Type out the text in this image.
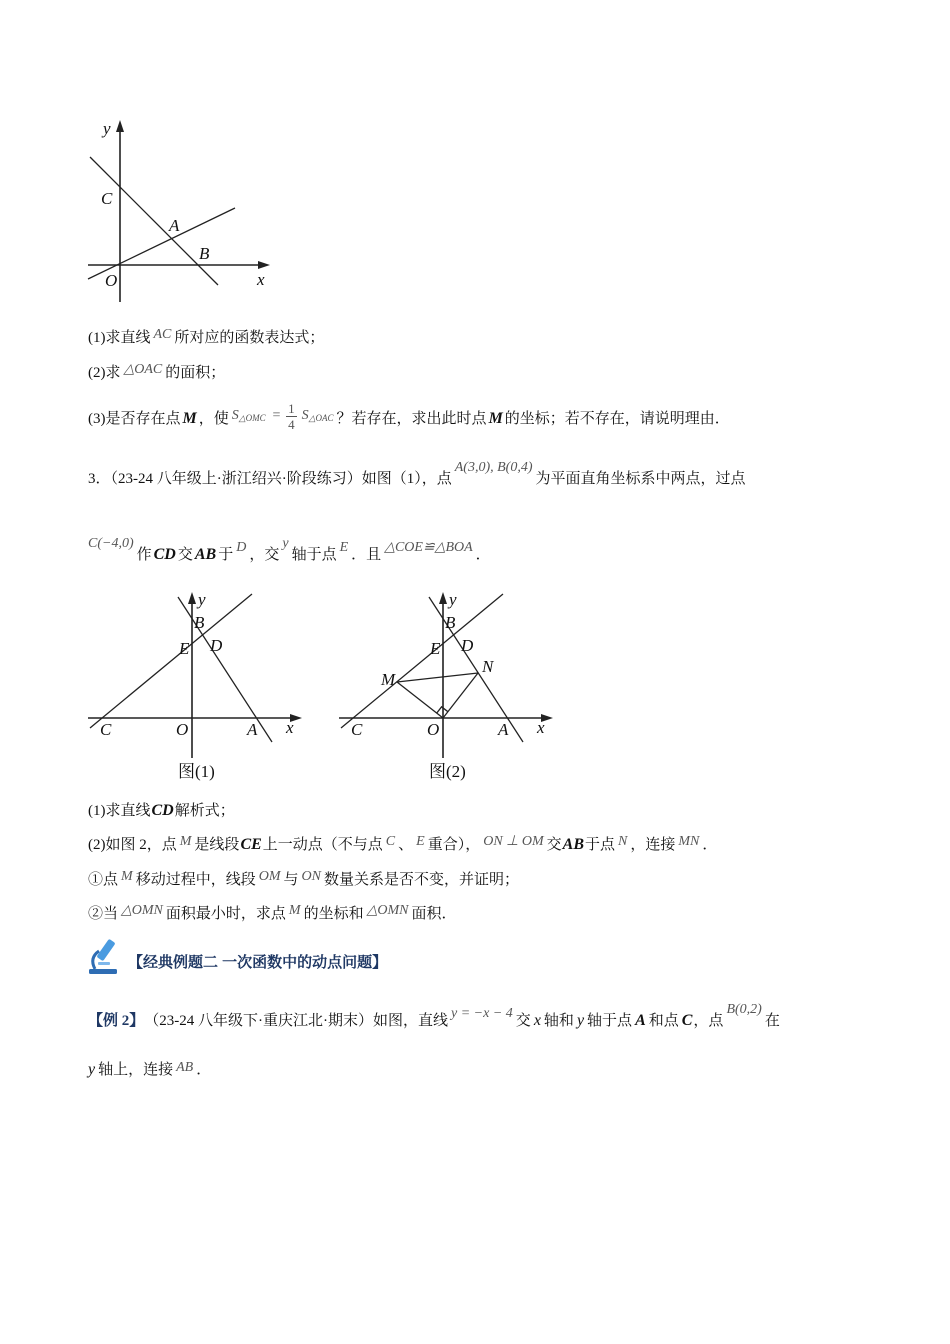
y
C
A
B
O	x
(1)求直线 AC 所对应的函数表达式；
(2)求 △OAC 的面积；
(3)是否存在点 M ，使 $S_{\triangle OMC} = \frac{1}{4} S_{\triangle OAC}$ ？若存在，求出此时点 M 的坐标；若不存在，请说明理由．
3．（23-24 八年级上·浙江绍兴·阶段练习）如图（1），点
A(3,0), B(0,4)
为平面直角坐标系中两点，过点
C(−4,0)
作 CD 交 AB 于 D ，交
y
轴于点 E ．且 △COE≌△BOA ．
y
B
E D
C	O	A x
图(1)
y
B
E D
N
M
C	O	A x
图(2)
(1)求直线 CD 解析式；
(2)如图 2，点 M 是线段 CE 上一动点（不与点 C 、 E 重合）， ON ⊥ OM 交 AB 于点 N ，连接 MN ．
①点 M 移动过程中，线段 OM 与 ON 数量关系是否不变，并证明；
②当 △OMN 面积最小时，求点 M 的坐标和 △OMN 面积．
【经典例题二 一次函数中的动点问题】
【例 2】 （23-24 八年级下·重庆江北·期末）如图，直线 y = −x − 4 交 x 轴和 y 轴于点 A 和点 C ，点
B(0,2)
在
y 轴上，连接 AB ．
